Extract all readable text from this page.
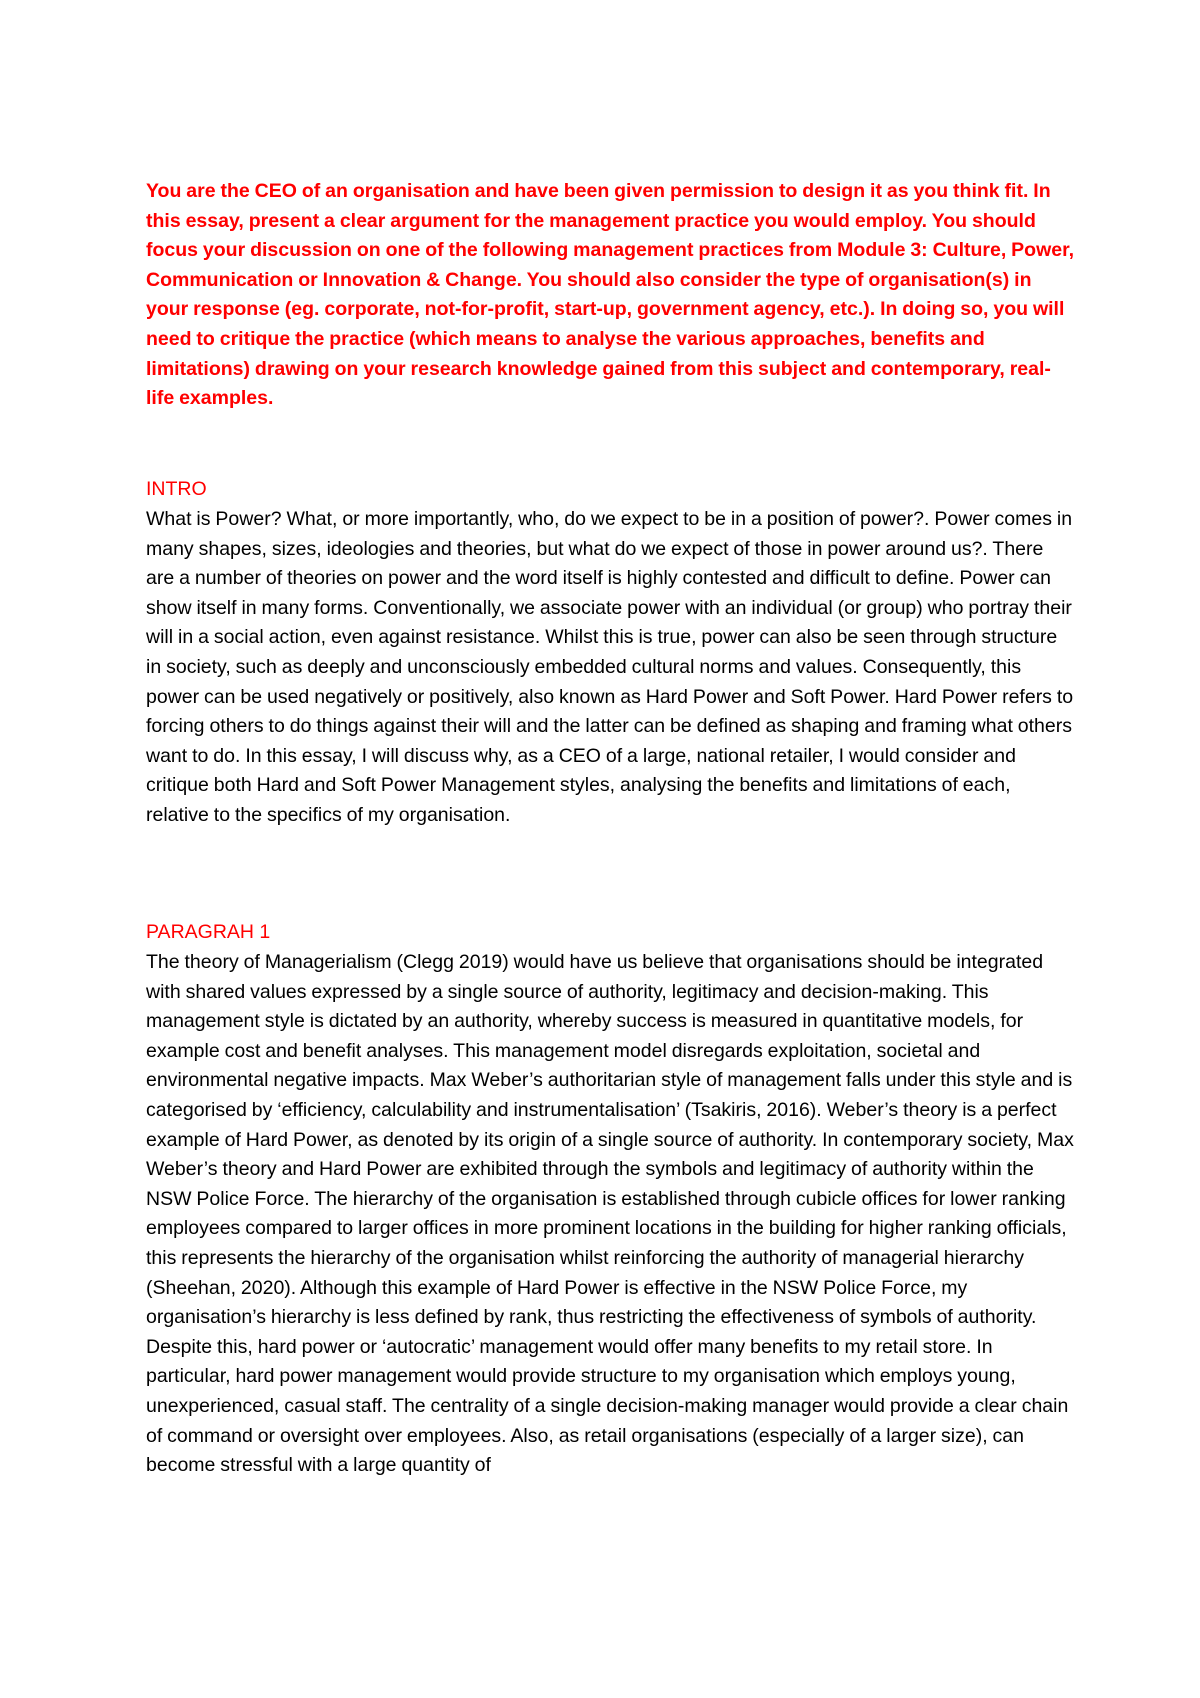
You are the CEO of an organisation and have been given permission to design it as you think fit. In this essay, present a clear argument for the management practice you would employ. You should focus your discussion on one of the following management practices from Module 3: Culture, Power, Communication or Innovation & Change. You should also consider the type of organisation(s) in your response (eg. corporate, not-for-profit, start-up, government agency, etc.). In doing so, you will need to critique the practice (which means to analyse the various approaches, benefits and limitations) drawing on your research knowledge gained from this subject and contemporary, real-life examples.

INTRO

What is Power? What, or more importantly, who, do we expect to be in a position of power?. Power comes in many shapes, sizes, ideologies and theories, but what do we expect of those in power around us?. There are a number of theories on power and the word itself is highly contested and difficult to define. Power can show itself in many forms. Conventionally, we associate power with an individual (or group) who portray their will in a social action, even against resistance. Whilst this is true, power can also be seen through structure in society, such as deeply and unconsciously embedded cultural norms and values. Consequently, this power can be used negatively or positively, also known as Hard Power and Soft Power. Hard Power refers to forcing others to do things against their will and the latter can be defined as shaping and framing what others want to do. In this essay, I will discuss why, as a CEO of a large, national retailer, I would consider and critique both Hard and Soft Power Management styles, analysing the benefits and limitations of each, relative to the specifics of my organisation.

PARAGRAH 1

The theory of Managerialism (Clegg 2019) would have us believe that organisations should be integrated with shared values expressed by a single source of authority, legitimacy and decision-making. This management style is dictated by an authority, whereby success is measured in quantitative models, for example cost and benefit analyses. This management model disregards exploitation, societal and environmental negative impacts. Max Weber’s authoritarian style of management falls under this style and is categorised by ‘efficiency, calculability and instrumentalisation’ (Tsakiris, 2016). Weber’s theory is a perfect example of Hard Power, as denoted by its origin of a single source of authority. In contemporary society, Max Weber’s theory and Hard Power are exhibited through the symbols and legitimacy of authority within the NSW Police Force. The hierarchy of the organisation is established through cubicle offices for lower ranking employees compared to larger offices in more prominent locations in the building for higher ranking officials, this represents the hierarchy of the organisation whilst reinforcing the authority of managerial hierarchy (Sheehan, 2020). Although this example of Hard Power is effective in the NSW Police Force, my organisation’s hierarchy is less defined by rank, thus restricting the effectiveness of symbols of authority. Despite this, hard power or ‘autocratic’ management would offer many benefits to my retail store. In particular, hard power management would provide structure to my organisation which employs young, unexperienced, casual staff. The centrality of a single decision-making manager would provide a clear chain of command or oversight over employees. Also, as retail organisations (especially of a larger size), can become stressful with a large quantity of
